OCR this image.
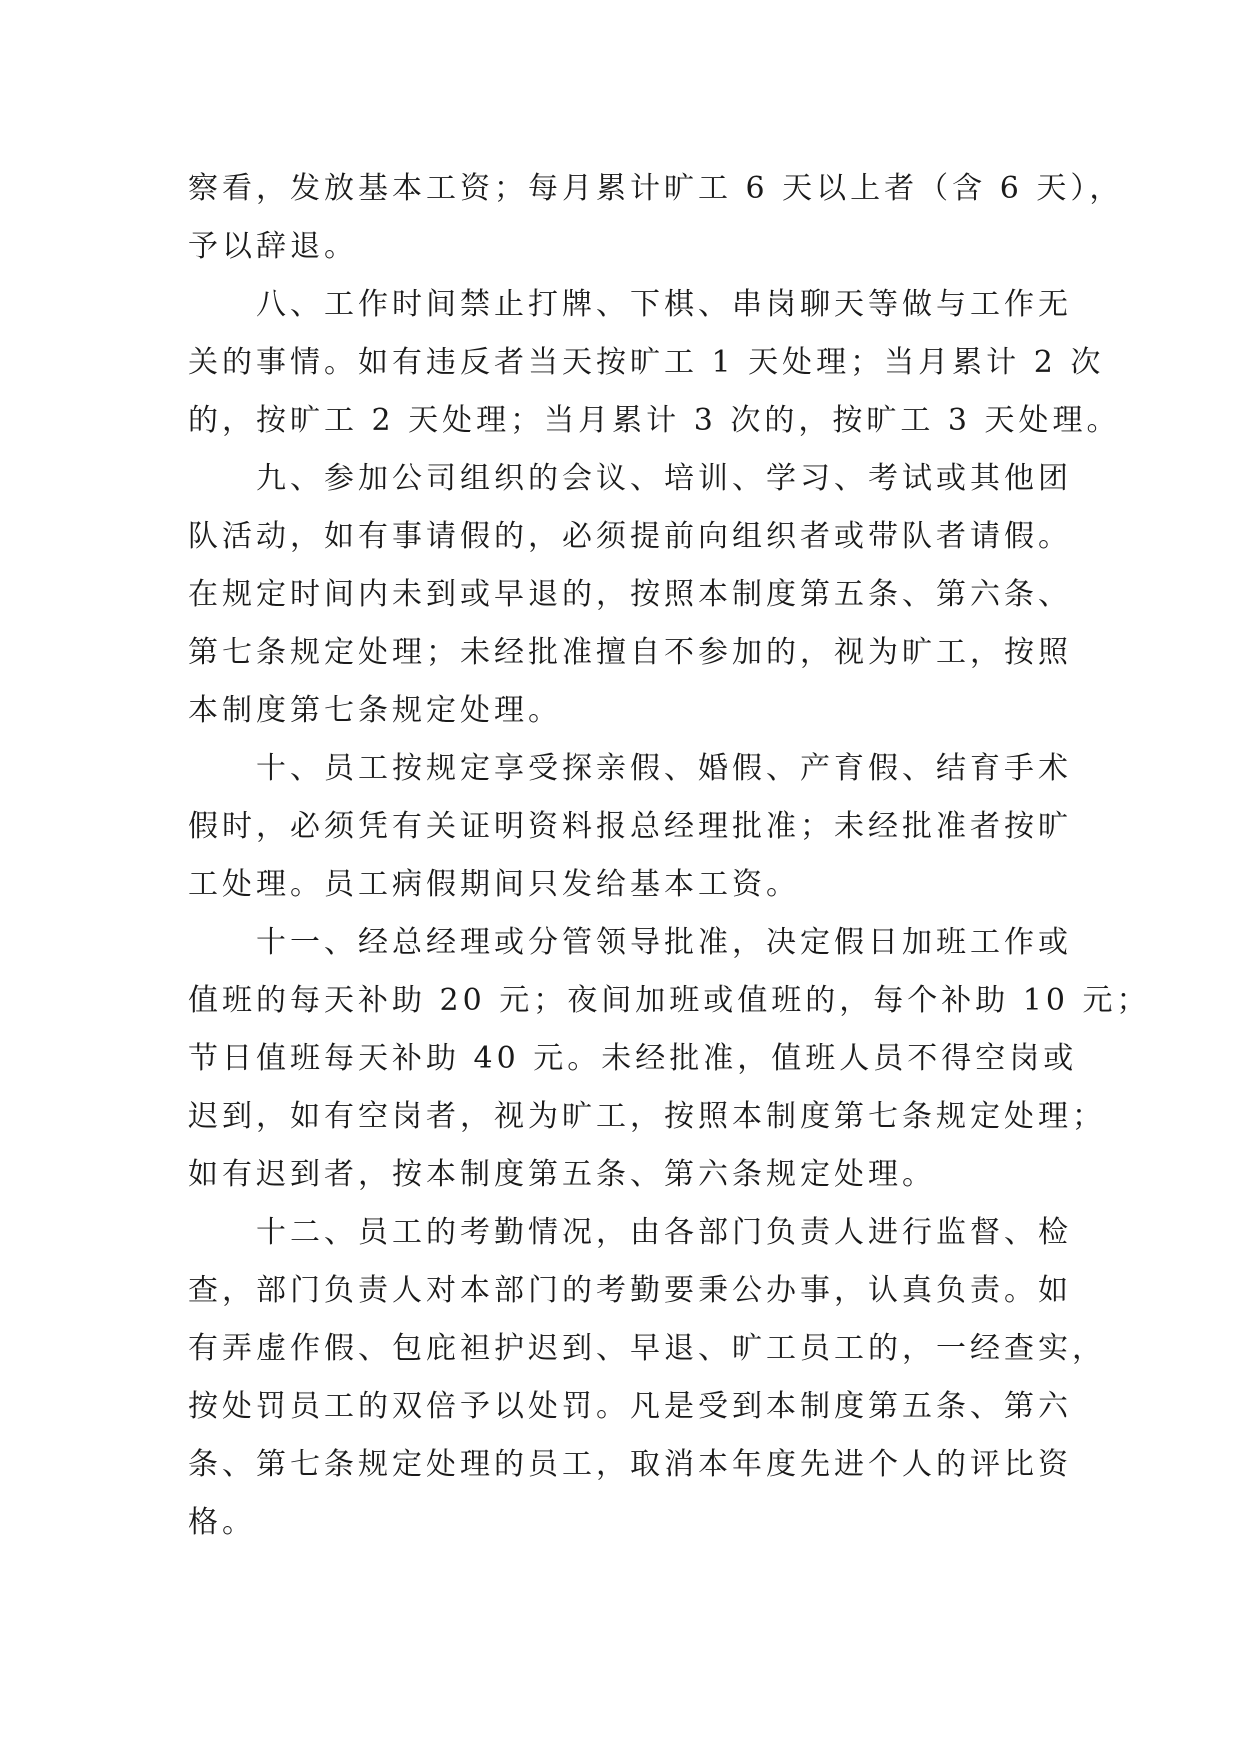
察看，发放基本工资；每月累计旷工 6 天以上者（含 6 天），
予以辞退。
八、工作时间禁止打牌、下棋、串岗聊天等做与工作无
关的事情。如有违反者当天按旷工 1 天处理；当月累计 2 次
的，按旷工 2 天处理；当月累计 3 次的，按旷工 3 天处理。
九、参加公司组织的会议、培训、学习、考试或其他团
队活动，如有事请假的，必须提前向组织者或带队者请假。
在规定时间内未到或早退的，按照本制度第五条、第六条、
第七条规定处理；未经批准擅自不参加的，视为旷工，按照
本制度第七条规定处理。
十、员工按规定享受探亲假、婚假、产育假、结育手术
假时，必须凭有关证明资料报总经理批准；未经批准者按旷
工处理。员工病假期间只发给基本工资。
十一、经总经理或分管领导批准，决定假日加班工作或
值班的每天补助 20 元；夜间加班或值班的，每个补助 10 元；
节日值班每天补助 40 元。未经批准，值班人员不得空岗或
迟到，如有空岗者，视为旷工，按照本制度第七条规定处理；
如有迟到者，按本制度第五条、第六条规定处理。
十二、员工的考勤情况，由各部门负责人进行监督、检
查，部门负责人对本部门的考勤要秉公办事，认真负责。如
有弄虚作假、包庇袒护迟到、早退、旷工员工的，一经查实，
按处罚员工的双倍予以处罚。凡是受到本制度第五条、第六
条、第七条规定处理的员工，取消本年度先进个人的评比资
格。
